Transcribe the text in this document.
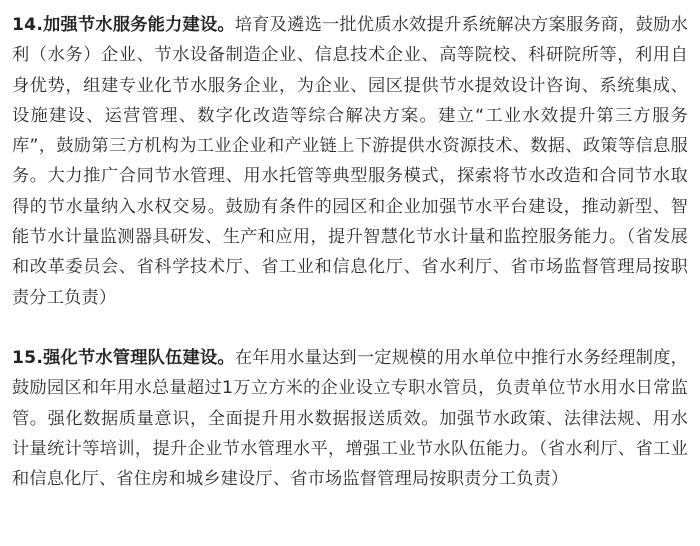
14.加强节水服务能力建设。培育及遴选一批优质水效提升系统解决方案服务商，鼓励水利（水务）企业、节水设备制造企业、信息技术企业、高等院校、科研院所等，利用自身优势，组建专业化节水服务企业，为企业、园区提供节水提效设计咨询、系统集成、设施建设、运营管理、数字化改造等综合解决方案。建立“工业水效提升第三方服务库”，鼓励第三方机构为工业企业和产业链上下游提供水资源技术、数据、政策等信息服务。大力推广合同节水管理、用水托管等典型服务模式，探索将节水改造和合同节水取得的节水量纳入水权交易。鼓励有条件的园区和企业加强节水平台建设，推动新型、智能节水计量监测器具研发、生产和应用，提升智慧化节水计量和监控服务能力。（省发展和改革委员会、省科学技术厅、省工业和信息化厅、省水利厅、省市场监督管理局按职责分工负责）

15.强化节水管理队伍建设。在年用水量达到一定规模的用水单位中推行水务经理制度，鼓励园区和年用水总量超过1万立方米的企业设立专职水管员，负责单位节水用水日常监管。强化数据质量意识，全面提升用水数据报送质效。加强节水政策、法律法规、用水计量统计等培训，提升企业节水管理水平，增强工业节水队伍能力。（省水利厅、省工业和信息化厅、省住房和城乡建设厅、省市场监督管理局按职责分工负责）
